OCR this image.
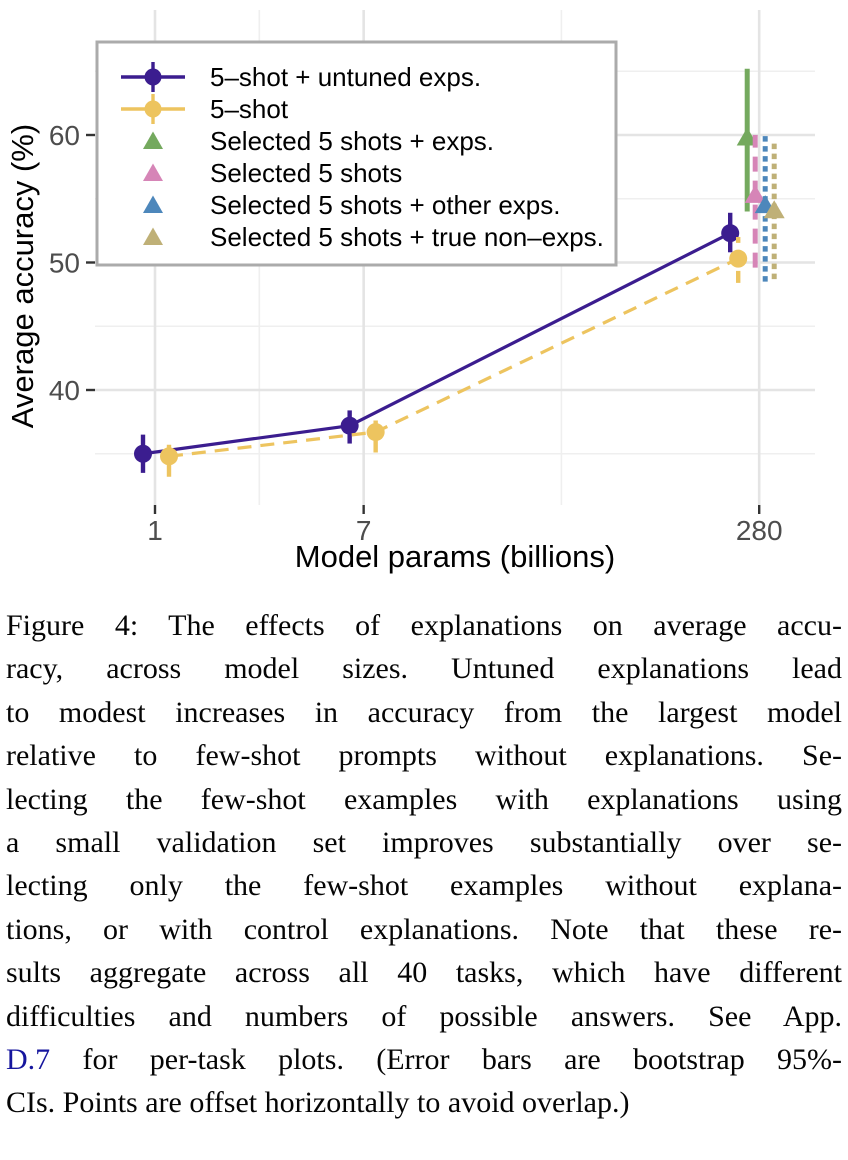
40
50
60
1	7	280
Model params (billions)
Average accuracy (%)
5–shot + untuned exps.
5–shot
Selected 5 shots + exps.
Selected 5 shots
Selected 5 shots + other exps.
Selected 5 shots + true non–exps.
Figure 4: The effects of explanations on average accu-
racy, across model sizes. Untuned explanations lead
to modest increases in accuracy from the largest model
relative to few-shot prompts without explanations. Se-
lecting the few-shot examples with explanations using
a small validation set improves substantially over se-
lecting only the few-shot examples without explana-
tions, or with control explanations. Note that these re-
sults aggregate across all 40 tasks, which have different
difficulties and numbers of possible answers. See App.
D.7 for per-task plots. (Error bars are bootstrap 95%-
CIs. Points are offset horizontally to avoid overlap.)
